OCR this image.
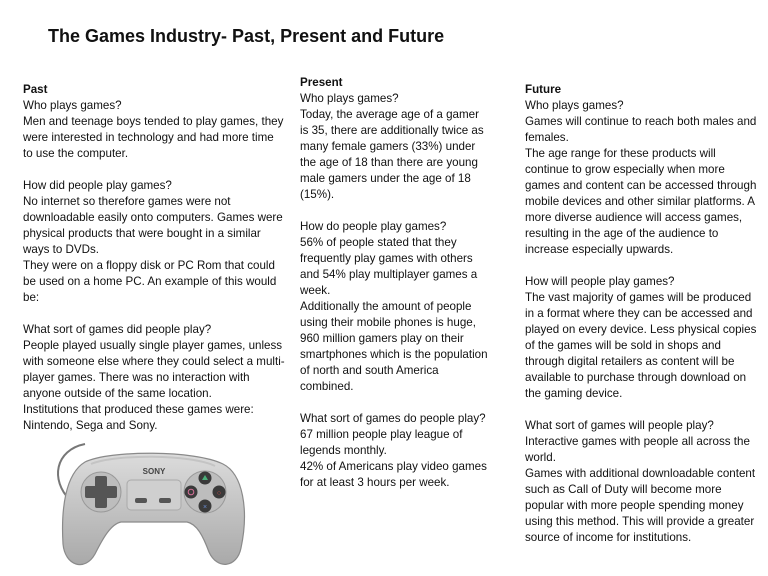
The Games Industry- Past, Present and Future
Past
Who plays games?
Men and teenage boys tended to play games, they were interested in technology and had more time to use the computer.
How did people play games?
No internet so therefore games were not downloadable easily onto computers. Games were physical products that were bought in a similar ways to DVDs.
They were on a floppy disk or PC Rom that could be used on a home PC. An example of this would be:
What sort of games did people play?
People played usually single player games, unless with someone else where they could select a multi-player games. There was no interaction with anyone outside of the same location.
Institutions that produced these games were: Nintendo, Sega and Sony.
Present
Who plays games?
Today, the average age of a gamer is 35, there are additionally twice as many female gamers (33%) under the age of 18 than there are young male gamers under the age of 18 (15%).
How do people play games?
56% of people stated that they frequently play games with others and 54% play multiplayer games a week.
Additionally the amount of people using their mobile phones is huge, 960 million gamers play on their smartphones which is the population of north and south America combined.
What sort of games do people play?
67 million people play league of legends monthly.
42% of Americans play video games for at least 3 hours per week.
Future
Who plays games?
Games will continue to reach both males and females.
The age range for these products will continue to grow especially when more games and content can be accessed through mobile devices and other similar platforms. A more diverse audience will access games, resulting in the age of the audience to increase especially upwards.
How will people play games?
The vast majority of games will be produced in a format where they can be accessed and played on every device. Less physical copies of the games will be sold in shops and through digital retailers as content will be available to purchase through download on the gaming device.
What sort of games will people play?
Interactive games with people all across the world.
Games with additional downloadable content such as Call of Duty will become more popular with more people spending money using this method. This will provide a greater source of income for institutions.
SONY
○
×
